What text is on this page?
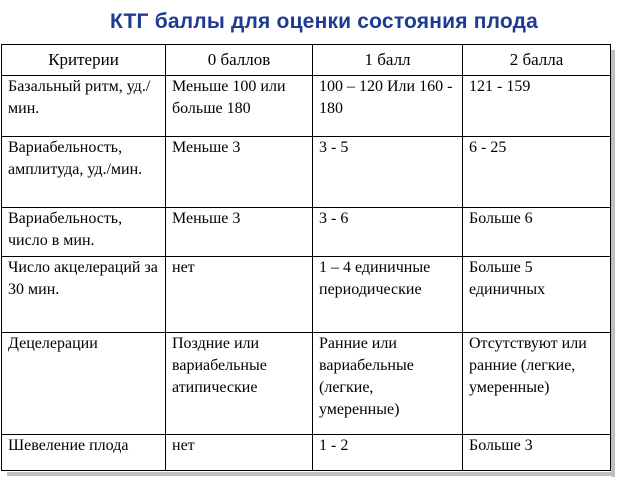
КТГ баллы для оценки состояния плода
Критерии	0 баллов	1 балл	2 балла
Базальный ритм, уд./мин.	Меньше 100 или больше 180	100 – 120 Или 160 - 180	121 - 159
Вариабельность, амплитуда, уд./мин.	Меньше 3	3 - 5	6 - 25
Вариабельность, число в мин.	Меньше 3	3 - 6	Больше 6
Число акцелераций за 30 мин.	нет	1 – 4 единичные периодические	Больше 5 единичных
Децелерации	Поздние или вариабельные атипические	Ранние или вариабельные (легкие, умеренные)	Отсутствуют или ранние (легкие, умеренные)
Шевеление плода	нет	1 - 2	Больше 3
